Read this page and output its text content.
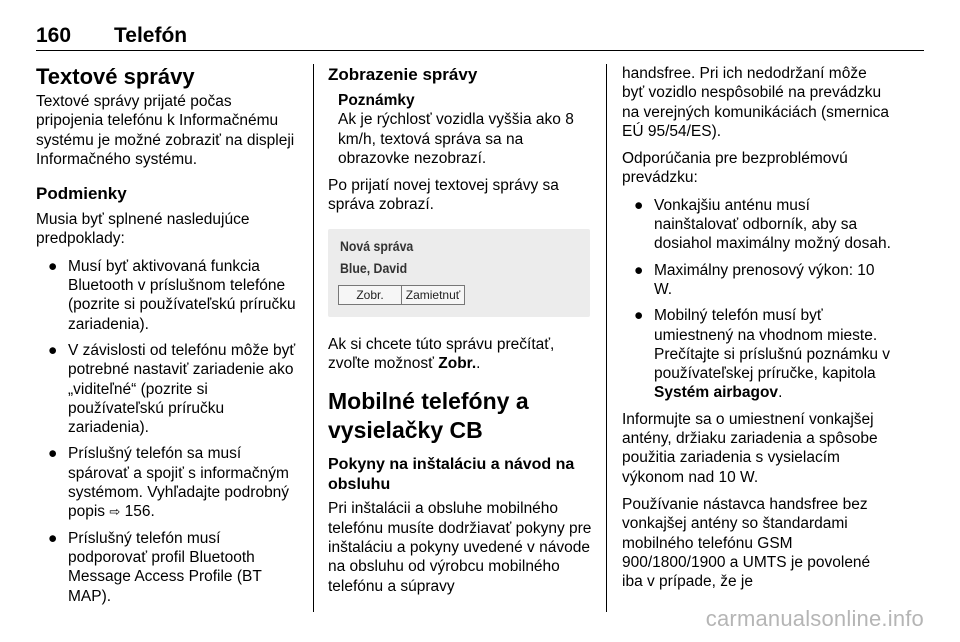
160 Telefón
Textové správy

Textové správy prijaté počas pripojenia telefónu k Informačnému systému je možné zobraziť na displeji Informačného systému.

Podmienky

Musia byť splnené nasledujúce predpoklady:

● Musí byť aktivovaná funkcia Bluetooth v príslušnom telefóne (pozrite si používateľskú príručku zariadenia).
● V závislosti od telefónu môže byť potrebné nastaviť zariadenie ako „viditeľné“ (pozrite si používateľskú príručku zariadenia).
● Príslušný telefón sa musí spárovať a spojiť s informačným systémom. Vyhľadajte podrobný popis ⇨ 156.
● Príslušný telefón musí podporovať profil Bluetooth Message Access Profile (BT MAP).
Zobrazenie správy
Poznámky
Ak je rýchlosť vozidla vyššia ako 8 km/h, textová správa sa na obrazovke nezobrazí.

Po prijatí novej textovej správy sa správa zobrazí.

Nová správa
Blue, David
Zobr.	Zamietnuť

Ak si chcete túto správu prečítať, zvoľte možnosť Zobr..

Mobilné telefóny a vysielačky CB
Pokyny na inštaláciu a návod na obsluhu

Pri inštalácii a obsluhe mobilného telefónu musíte dodržiavať pokyny pre inštaláciu a pokyny uvedené v návode na obsluhu od výrobcu mobilného telefónu a súpravy

handsfree. Pri ich nedodržaní môže byť vozidlo nespôsobilé na prevádzku na verejných komunikáciách (smernica EÚ 95/54/ES).

Odporúčania pre bezproblémovú prevádzku:

● Vonkajšiu anténu musí nainštalovať odborník, aby sa dosiahol maximálny možný dosah.
● Maximálny prenosový výkon: 10 W.
● Mobilný telefón musí byť umiestnený na vhodnom mieste. Prečítajte si príslušnú poznámku v používateľskej príručke, kapitola Systém airbagov.

Informujte sa o umiestnení vonkajšej antény, držiaku zariadenia a spôsobe použitia zariadenia s vysielacím výkonom nad 10 W.

Používanie nástavca handsfree bez vonkajšej antény so štandardami mobilného telefónu GSM 900/1800/1900 a UMTS je povolené iba v prípade, že je

carmanualsonline.info
